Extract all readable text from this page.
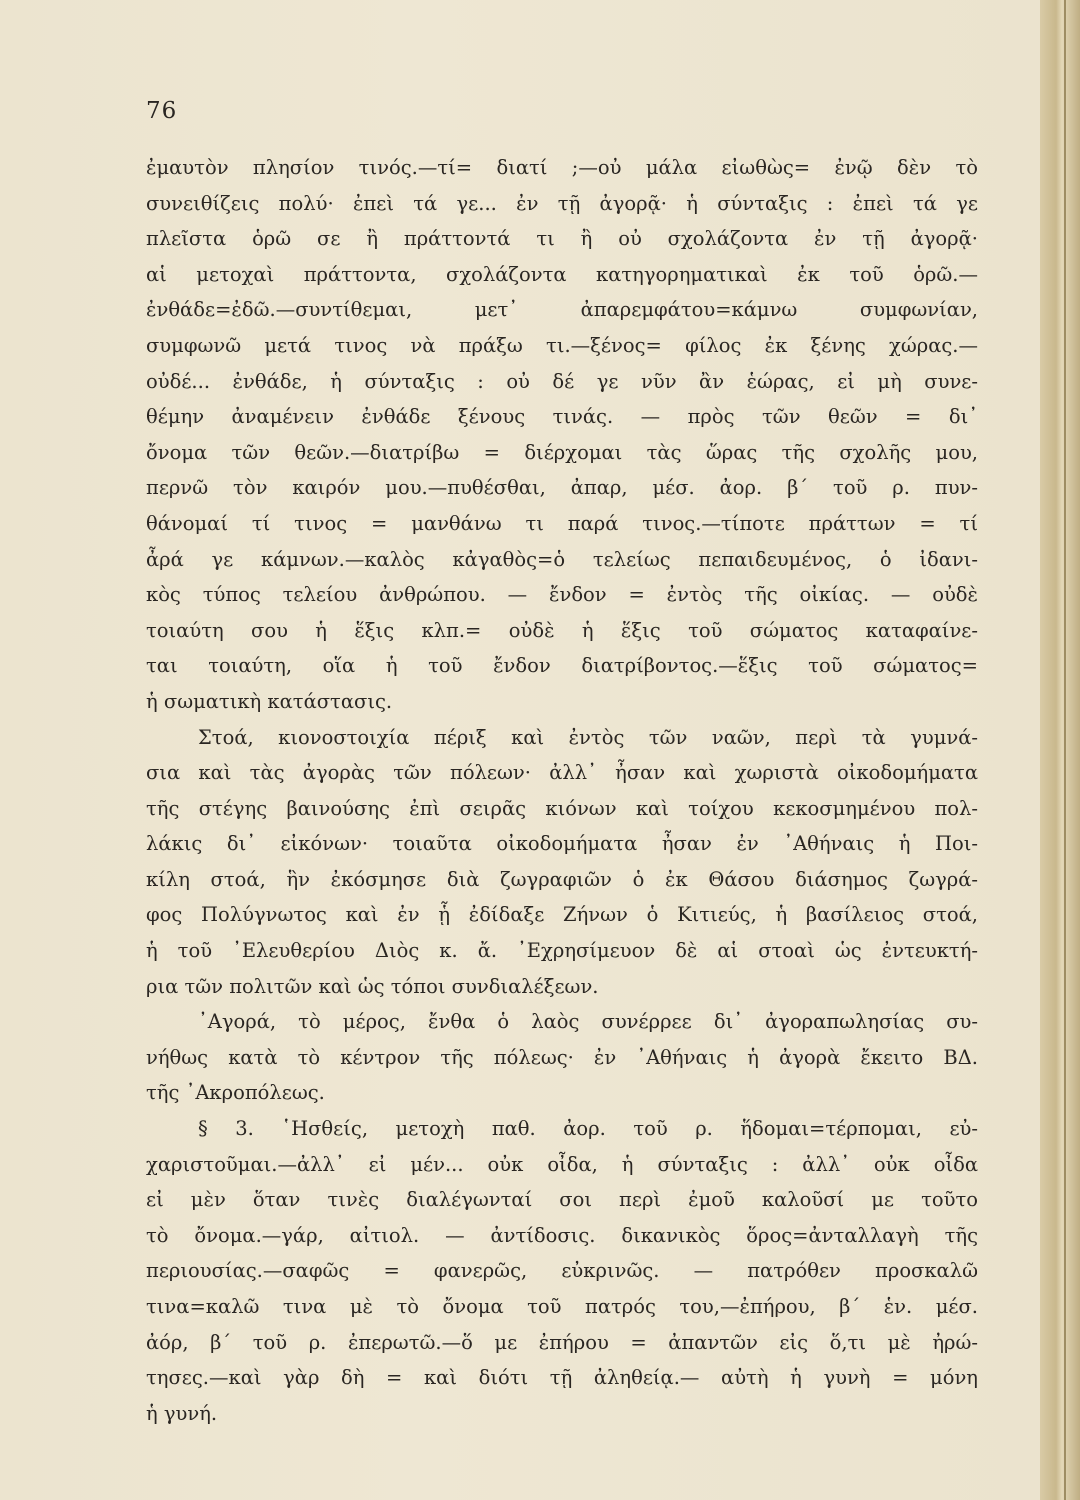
76
ἐμαυτὸν πλησίον τινός.—τί= διατί ;—οὐ μάλα εἰωθὼς= ἐνῷ δὲν τὸ
συνειθίζεις πολύ· ἐπεὶ τά γε... ἐν τῇ ἀγορᾷ· ἡ σύνταξις : ἐπεὶ τά γε
πλεῖστα ὁρῶ σε ἢ πράττοντά τι ἢ οὐ σχολάζοντα ἐν τῇ ἀγορᾷ·
αἱ μετοχαὶ πράττοντα, σχολάζοντα κατηγορηματικαὶ ἐκ τοῦ ὁρῶ.—
ἐνθάδε=ἐδῶ.—συντίθεμαι, μετ᾿ ἀπαρεμφάτου=κάμνω συμφωνίαν,
συμφωνῶ μετά τινος νὰ πράξω τι.—ξένος= φίλος ἐκ ξένης χώρας.—
οὐδέ... ἐνθάδε, ἡ σύνταξις : οὐ δέ γε νῦν ἂν ἑώρας, εἰ μὴ συνε-
θέμην ἀναμένειν ἐνθάδε ξένους τινάς. — πρὸς τῶν θεῶν = δι᾿
ὄνομα τῶν θεῶν.—διατρίβω = διέρχομαι τὰς ὥρας τῆς σχολῆς μου,
περνῶ τὸν καιρόν μου.—πυθέσθαι, ἀπαρ, μέσ. ἀορ. β´ τοῦ ρ. πυν-
θάνομαί τί τινος = μανθάνω τι παρά τινος.—τίποτε πράττων = τί
ἆρά γε κάμνων.—καλὸς κἀγαθὸς=ὁ τελείως πεπαιδευμένος, ὁ ἰδανι-
κὸς τύπος τελείου ἀνθρώπου. — ἔνδον = ἐντὸς τῆς οἰκίας. — οὐδὲ
τοιαύτη σου ἡ ἕξις κλπ.= οὐδὲ ἡ ἕξις τοῦ σώματος καταφαίνε-
ται τοιαύτη, οἵα ἡ τοῦ ἔνδον διατρίβοντος.—ἕξις τοῦ σώματος=
ἡ σωματικὴ κατάστασις.
Στοά, κιονοστοιχία πέριξ καὶ ἐντὸς τῶν ναῶν, περὶ τὰ γυμνά-
σια καὶ τὰς ἀγορὰς τῶν πόλεων· ἀλλ᾿ ἦσαν καὶ χωριστὰ οἰκοδομήματα
τῆς στέγης βαινούσης ἐπὶ σειρᾶς κιόνων καὶ τοίχου κεκοσμημένου πολ-
λάκις δι᾿ εἰκόνων· τοιαῦτα οἰκοδομήματα ἦσαν ἐν ᾿Αθήναις ἡ Ποι-
κίλη στοά, ἣν ἐκόσμησε διὰ ζωγραφιῶν ὁ ἐκ Θάσου διάσημος ζωγρά-
φος Πολύγνωτος καὶ ἐν ᾗ ἐδίδαξε Ζήνων ὁ Κιτιεύς, ἡ βασίλειος στοά,
ἡ τοῦ ᾿Ελευθερίου Διὸς κ. ἄ. ᾿Εχρησίμευον δὲ αἱ στοαὶ ὡς ἐντευκτή-
ρια τῶν πολιτῶν καὶ ὡς τόποι συνδιαλέξεων.
᾿Αγορά, τὸ μέρος, ἔνθα ὁ λαὸς συνέρρεε δι᾿ ἀγοραπωλησίας συ-
νήθως κατὰ τὸ κέντρον τῆς πόλεως· ἐν ᾿Αθήναις ἡ ἀγορὰ ἔκειτο ΒΔ.
τῆς ᾿Ακροπόλεως.
§ 3. ῾Ησθείς, μετοχὴ παθ. ἀορ. τοῦ ρ. ἥδομαι=τέρπομαι, εὐ-
χαριστοῦμαι.—ἀλλ᾿ εἰ μέν... οὐκ οἶδα, ἡ σύνταξις : ἀλλ᾿ οὐκ οἶδα
εἰ μὲν ὅταν τινὲς διαλέγωνταί σοι περὶ ἐμοῦ καλοῦσί με τοῦτο
τὸ ὄνομα.—γάρ, αἰτιολ. — ἀντίδοσις. δικανικὸς ὅρος=ἀνταλλαγὴ τῆς
περιουσίας.—σαφῶς = φανερῶς, εὐκρινῶς. — πατρόθεν προσκαλῶ
τινα=καλῶ τινα μὲ τὸ ὄνομα τοῦ πατρός του,—ἐπήρου, β´ ἑν. μέσ.
ἀόρ, β´ τοῦ ρ. ἐπερωτῶ.—ὅ με ἐπήρου = ἀπαντῶν εἰς ὅ,τι μὲ ἠρώ-
τησες.—καὶ γὰρ δὴ = καὶ διότι τῇ ἀληθείᾳ.— αὐτὴ ἡ γυνὴ = μόνη
ἡ γυνή.
